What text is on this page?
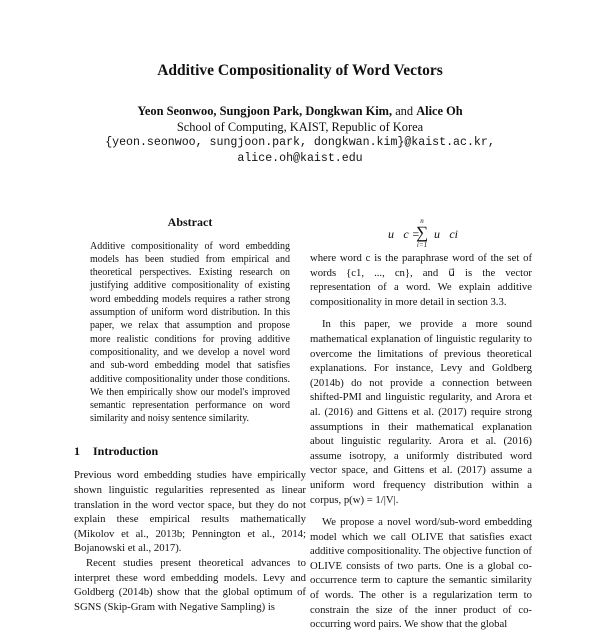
Additive Compositionality of Word Vectors
Yeon Seonwoo, Sungjoon Park, Dongkwan Kim, and Alice Oh
School of Computing, KAIST, Republic of Korea
{yeon.seonwoo, sungjoon.park, dongkwan.kim}@kaist.ac.kr,
alice.oh@kaist.edu
Abstract

Additive compositionality of word embedding models has been studied from empirical and theoretical perspectives. Existing research on justifying additive compositionality of existing word embedding models requires a rather strong assumption of uniform word distribution. In this paper, we relax that assumption and propose more realistic conditions for proving additive compositionality, and we develop a novel word and sub-word embedding model that satisfies additive compositionality under those conditions. We then empirically show our model's improved semantic representation performance on word similarity and noisy sentence similarity.

1 Introduction

Previous word embedding studies have empirically shown linguistic regularities represented as linear translation in the word vector space, but they do not explain these empirical results mathematically (Mikolov et al., 2013b; Pennington et al., 2014; Bojanowski et al., 2017).

Recent studies present theoretical advances to interpret these word embedding models. Levy and Goldberg (2014b) show that the global optimum of SGNS (Skip-Gram with Negative Sampling) is

u⃗c =
n
∑
i=1
u⃗ci

where word c is the paraphrase word of the set of words {c1, ..., cn}, and u⃗ is the vector representation of a word. We explain additive compositionality in more detail in section 3.3.

In this paper, we provide a more sound mathematical explanation of linguistic regularity to overcome the limitations of previous theoretical explanations. For instance, Levy and Goldberg (2014b) do not provide a connection between shifted-PMI and linguistic regularity, and Arora et al. (2016) and Gittens et al. (2017) require strong assumptions in their mathematical explanation about linguistic regularity. Arora et al. (2016) assume isotropy, a uniformly distributed word vector space, and Gittens et al. (2017) assume a uniform word frequency distribution within a corpus, p(w) = 1/|V|.

We propose a novel word/sub-word embedding model which we call OLIVE that satisfies exact additive compositionality. The objective function of OLIVE consists of two parts. One is a global co-occurrence term to capture the semantic similarity of words. The other is a regularization term to constrain the size of the inner product of co-occurring word pairs. We show that the global
